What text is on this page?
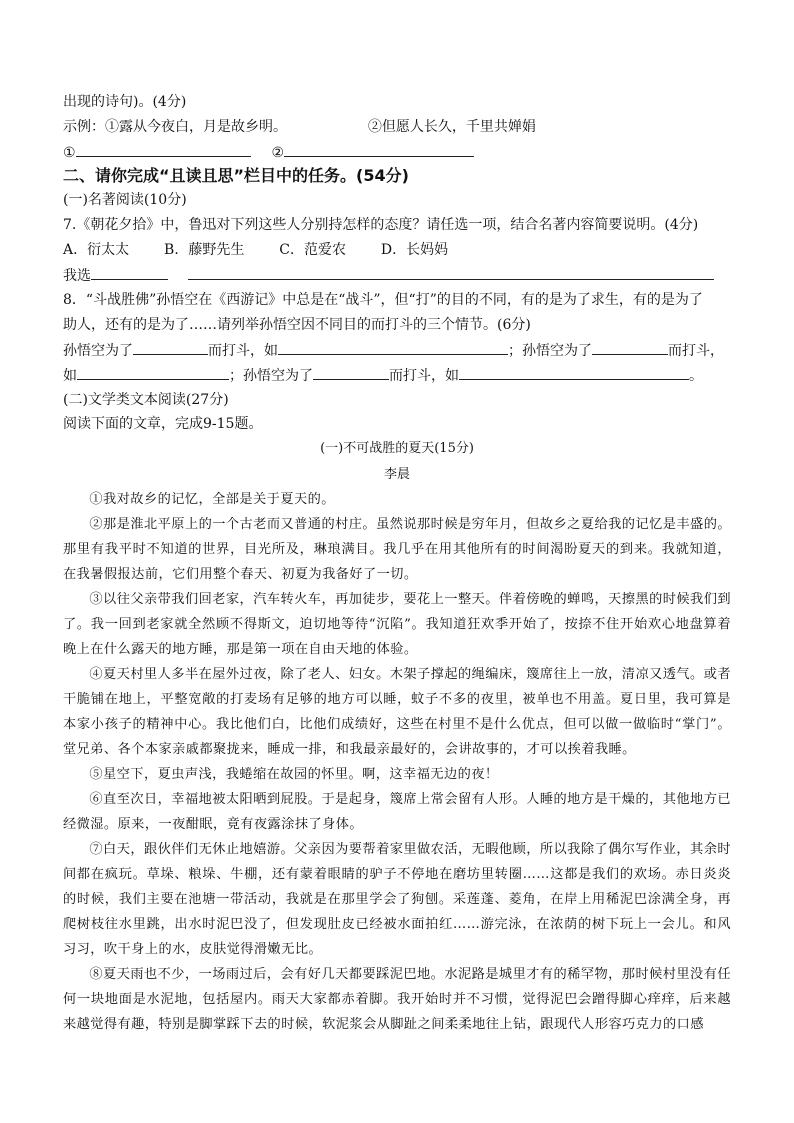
出现的诗句)。(4分)
示例：①露从今夜白，月是故乡明。	②但愿人长久，千里共婵娟
①	②
二、请你完成“且读且思”栏目中的任务。(54分)
(一)名著阅读(10分)
7.《朝花夕拾》中，鲁迅对下列这些人分别持怎样的态度？请任选一项，结合名著内容简要说明。(4分)
A．衍太太 B．藤野先生 C．范爱农 D．长妈妈
我选
8．“斗战胜佛”孙悟空在《西游记》中总是在“战斗”，但“打”的目的不同，有的是为了求生，有的是为了
助人，还有的是为了……请列举孙悟空因不同目的而打斗的三个情节。(6分)
孙悟空为了	而打斗，如	；孙悟空为了	而打斗，
如	；孙悟空为了	而打斗，如	。
(二)文学类文本阅读(27分)
阅读下面的文章，完成9-15题。
(一)不可战胜的夏天(15分)
李晨

①我对故乡的记忆，全部是关于夏天的。

②那是淮北平原上的一个古老而又普通的村庄。虽然说那时候是穷年月，但故乡之夏给我的记忆是丰盛的。那里有我平时不知道的世界，目光所及，琳琅满目。我几乎在用其他所有的时间渴盼夏天的到来。我就知道，在我暑假报达前，它们用整个春天、初夏为我备好了一切。

③以往父亲带我们回老家，汽车转火车，再加徒步，要花上一整天。伴着傍晚的蝉鸣，天擦黑的时候我们到了。我一回到老家就全然顾不得斯文，迫切地等待“沉陷”。我知道狂欢季开始了，按捺不住开始欢心地盘算着晚上在什么露天的地方睡，那是第一项在自由天地的体验。

④夏天村里人多半在屋外过夜，除了老人、妇女。木架子撑起的绳编床，篾席往上一放，清凉又透气。或者干脆铺在地上，平整宽敞的打麦场有足够的地方可以睡，蚊子不多的夜里，被单也不用盖。夏日里，我可算是本家小孩子的精神中心。我比他们白，比他们成绩好，这些在村里不是什么优点，但可以做一做临时“掌门”。堂兄弟、各个本家亲戚都聚拢来，睡成一排，和我最亲最好的，会讲故事的，才可以挨着我睡。

⑤星空下，夏虫声浅，我蜷缩在故园的怀里。啊，这幸福无边的夜！

⑥直至次日，幸福地被太阳晒到屁股。于是起身，篾席上常会留有人形。人睡的地方是干燥的，其他地方已经微湿。原来，一夜酣眠，竟有夜露涂抹了身体。

⑦白天，跟伙伴们无休止地嬉游。父亲因为要帮着家里做农活，无暇他顾，所以我除了偶尔写作业，其余时间都在疯玩。草垛、粮垛、牛棚，还有蒙着眼睛的驴子不停地在磨坊里转圈……这都是我们的欢场。赤日炎炎的时候，我们主要在池塘一带活动，我就是在那里学会了狗刨。采莲蓬、菱角，在岸上用稀泥巴涂满全身，再爬树枝往水里跳，出水时泥巴没了，但发现肚皮已经被水面拍红……游完泳，在浓荫的树下玩上一会儿。和风习习，吹干身上的水，皮肤觉得滑嫩无比。

⑧夏天雨也不少，一场雨过后，会有好几天都要踩泥巴地。水泥路是城里才有的稀罕物，那时候村里没有任何一块地面是水泥地，包括屋内。雨天大家都赤着脚。我开始时并不习惯，觉得泥巴会蹭得脚心痒痒，后来越来越觉得有趣，特别是脚掌踩下去的时候，软泥浆会从脚趾之间柔柔地往上钻，跟现代人形容巧克力的口感
